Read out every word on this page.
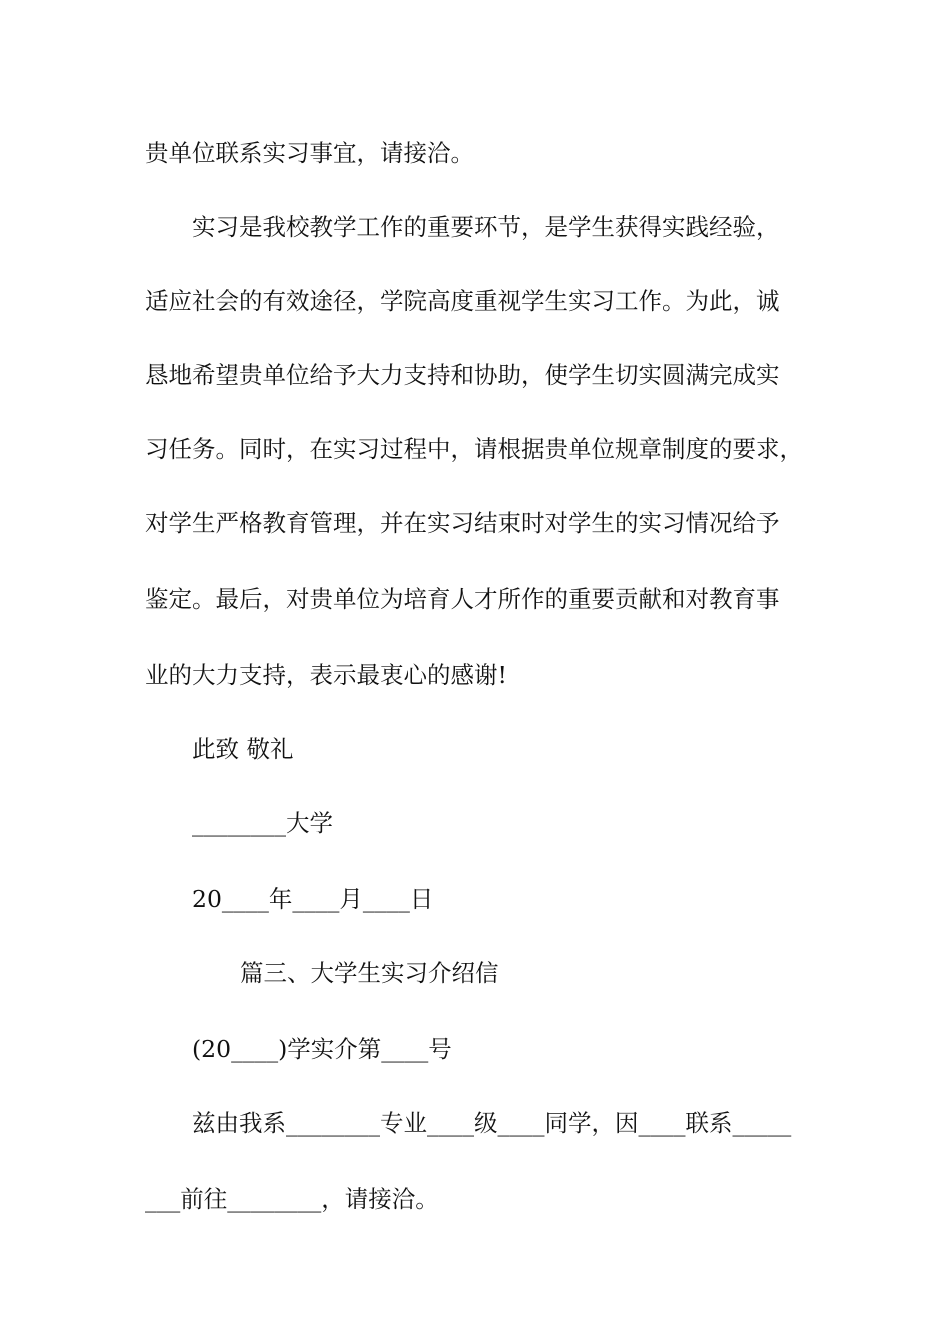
贵单位联系实习事宜，请接洽。

实习是我校教学工作的重要环节，是学生获得实践经验，

适应社会的有效途径，学院高度重视学生实习工作。为此，诚

恳地希望贵单位给予大力支持和协助，使学生切实圆满完成实

习任务。同时，在实习过程中，请根据贵单位规章制度的要求，

对学生严格教育管理，并在实习结束时对学生的实习情况给予

鉴定。最后，对贵单位为培育人才所作的重要贡献和对教育事

业的大力支持，表示最衷心的感谢!

此致 敬礼

________大学

20____年____月____日

篇三、大学生实习介绍信

(20____)学实介第____号

兹由我系________专业____级____同学，因____联系_____

___前往________，请接洽。
